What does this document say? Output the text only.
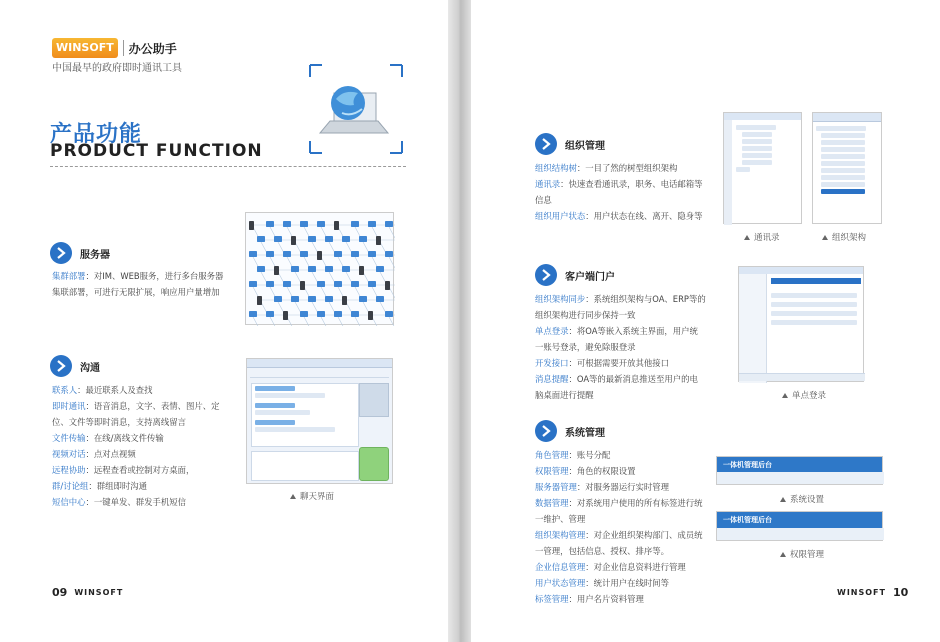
WINSOFT	办公助手
中国最早的政府即时通讯工具
产品功能
PRODUCT FUNCTION
服务器
集群部署：对IM、WEB服务，进行多台服务器
集联部署，可进行无限扩展，响应用户量增加
聊天界面
沟通
联系人：最近联系人及查找
即时通讯：语音消息，文字、表情、图片、定
位、文件等即时消息，支持离线留言
文件传输：在线/离线文件传输
视频对话：点对点视频
远程协助：远程查看或控制对方桌面，
群/讨论组：群组即时沟通
短信中心：一键单发、群发手机短信
09 WINSOFT
组织管理
组织结构树：一目了然的树型组织架构
通讯录：快速查看通讯录，职务、电话邮箱等
信息
组织用户状态：用户状态在线、离开、隐身等
通讯录	组织架构
客户端门户
组织架构同步：系统组织架构与OA、ERP等的
组织架构进行同步保持一致
单点登录：将OA等嵌入系统主界面，用户统
一账号登录，避免除服登录
开发接口：可根据需要开放其他接口
消息提醒：OA等的最新消息推送至用户的电
脑桌面进行提醒	单点登录
系统管理
角色管理：账号分配
权限管理：角色的权限设置
服务器管理：对服务器运行实时管理
数据管理：对系统用户使用的所有标签进行统
一维护、管理
组织架构管理：对企业组织架构部门、成员统
一管理，包括信息、授权、排序等。
企业信息管理：对企业信息资料进行管理
用户状态管理：统计用户在线时间等
标签管理：用户名片资料管理
一体机管理后台
系统设置
一体机管理后台
权限管理
WINSOFT 10
